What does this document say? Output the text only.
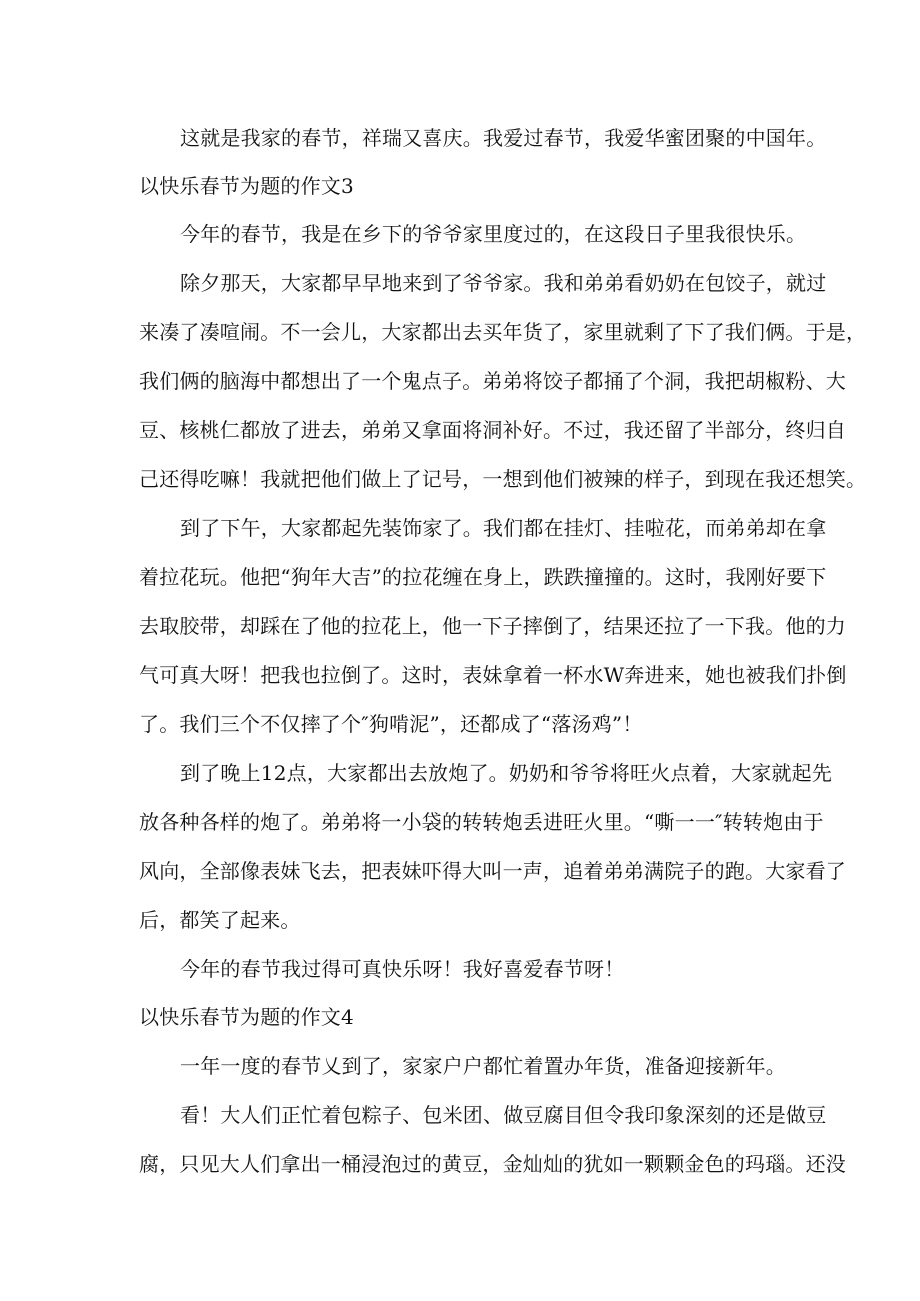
这就是我家的春节，祥瑞又喜庆。我爱过春节，我爱华蜜团聚的中国年。
以快乐春节为题的作文3
今年的春节，我是在乡下的爷爷家里度过的，在这段日子里我很快乐。
除夕那天，大家都早早地来到了爷爷家。我和弟弟看奶奶在包饺子，就过
来凑了凑喧闹。不一会儿，大家都出去买年货了，家里就剩了下了我们俩。于是，
我们俩的脑海中都想出了一个鬼点子。弟弟将饺子都捅了个洞，我把胡椒粉、大
豆、核桃仁都放了进去，弟弟又拿面将洞补好。不过，我还留了半部分，终归自
己还得吃嘛！我就把他们做上了记号，一想到他们被辣的样子，到现在我还想笑。
到了下午，大家都起先装饰家了。我们都在挂灯、挂啦花，而弟弟却在拿
着拉花玩。他把“狗年大吉”的拉花缠在身上，跌跌撞撞的。这时，我刚好要下
去取胶带，却踩在了他的拉花上，他一下子摔倒了，结果还拉了一下我。他的力
气可真大呀！把我也拉倒了。这时，表妹拿着一杯水W奔进来，她也被我们扑倒
了。我们三个不仅摔了个″狗啃泥”，还都成了“落汤鸡”！
到了晚上12点，大家都出去放炮了。奶奶和爷爷将旺火点着，大家就起先
放各种各样的炮了。弟弟将一小袋的转转炮丢进旺火里。“嘶一一″转转炮由于
风向，全部像表妹飞去，把表妹吓得大叫一声，追着弟弟满院子的跑。大家看了
后，都笑了起来。
今年的春节我过得可真快乐呀！我好喜爱春节呀！
以快乐春节为题的作文4
一年一度的春节乂到了，家家户户都忙着置办年货，准备迎接新年。
看！大人们正忙着包粽子、包米团、做豆腐目但令我印象深刻的还是做豆
腐，只见大人们拿出一桶浸泡过的黄豆，金灿灿的犹如一颗颗金色的玛瑙。还没
